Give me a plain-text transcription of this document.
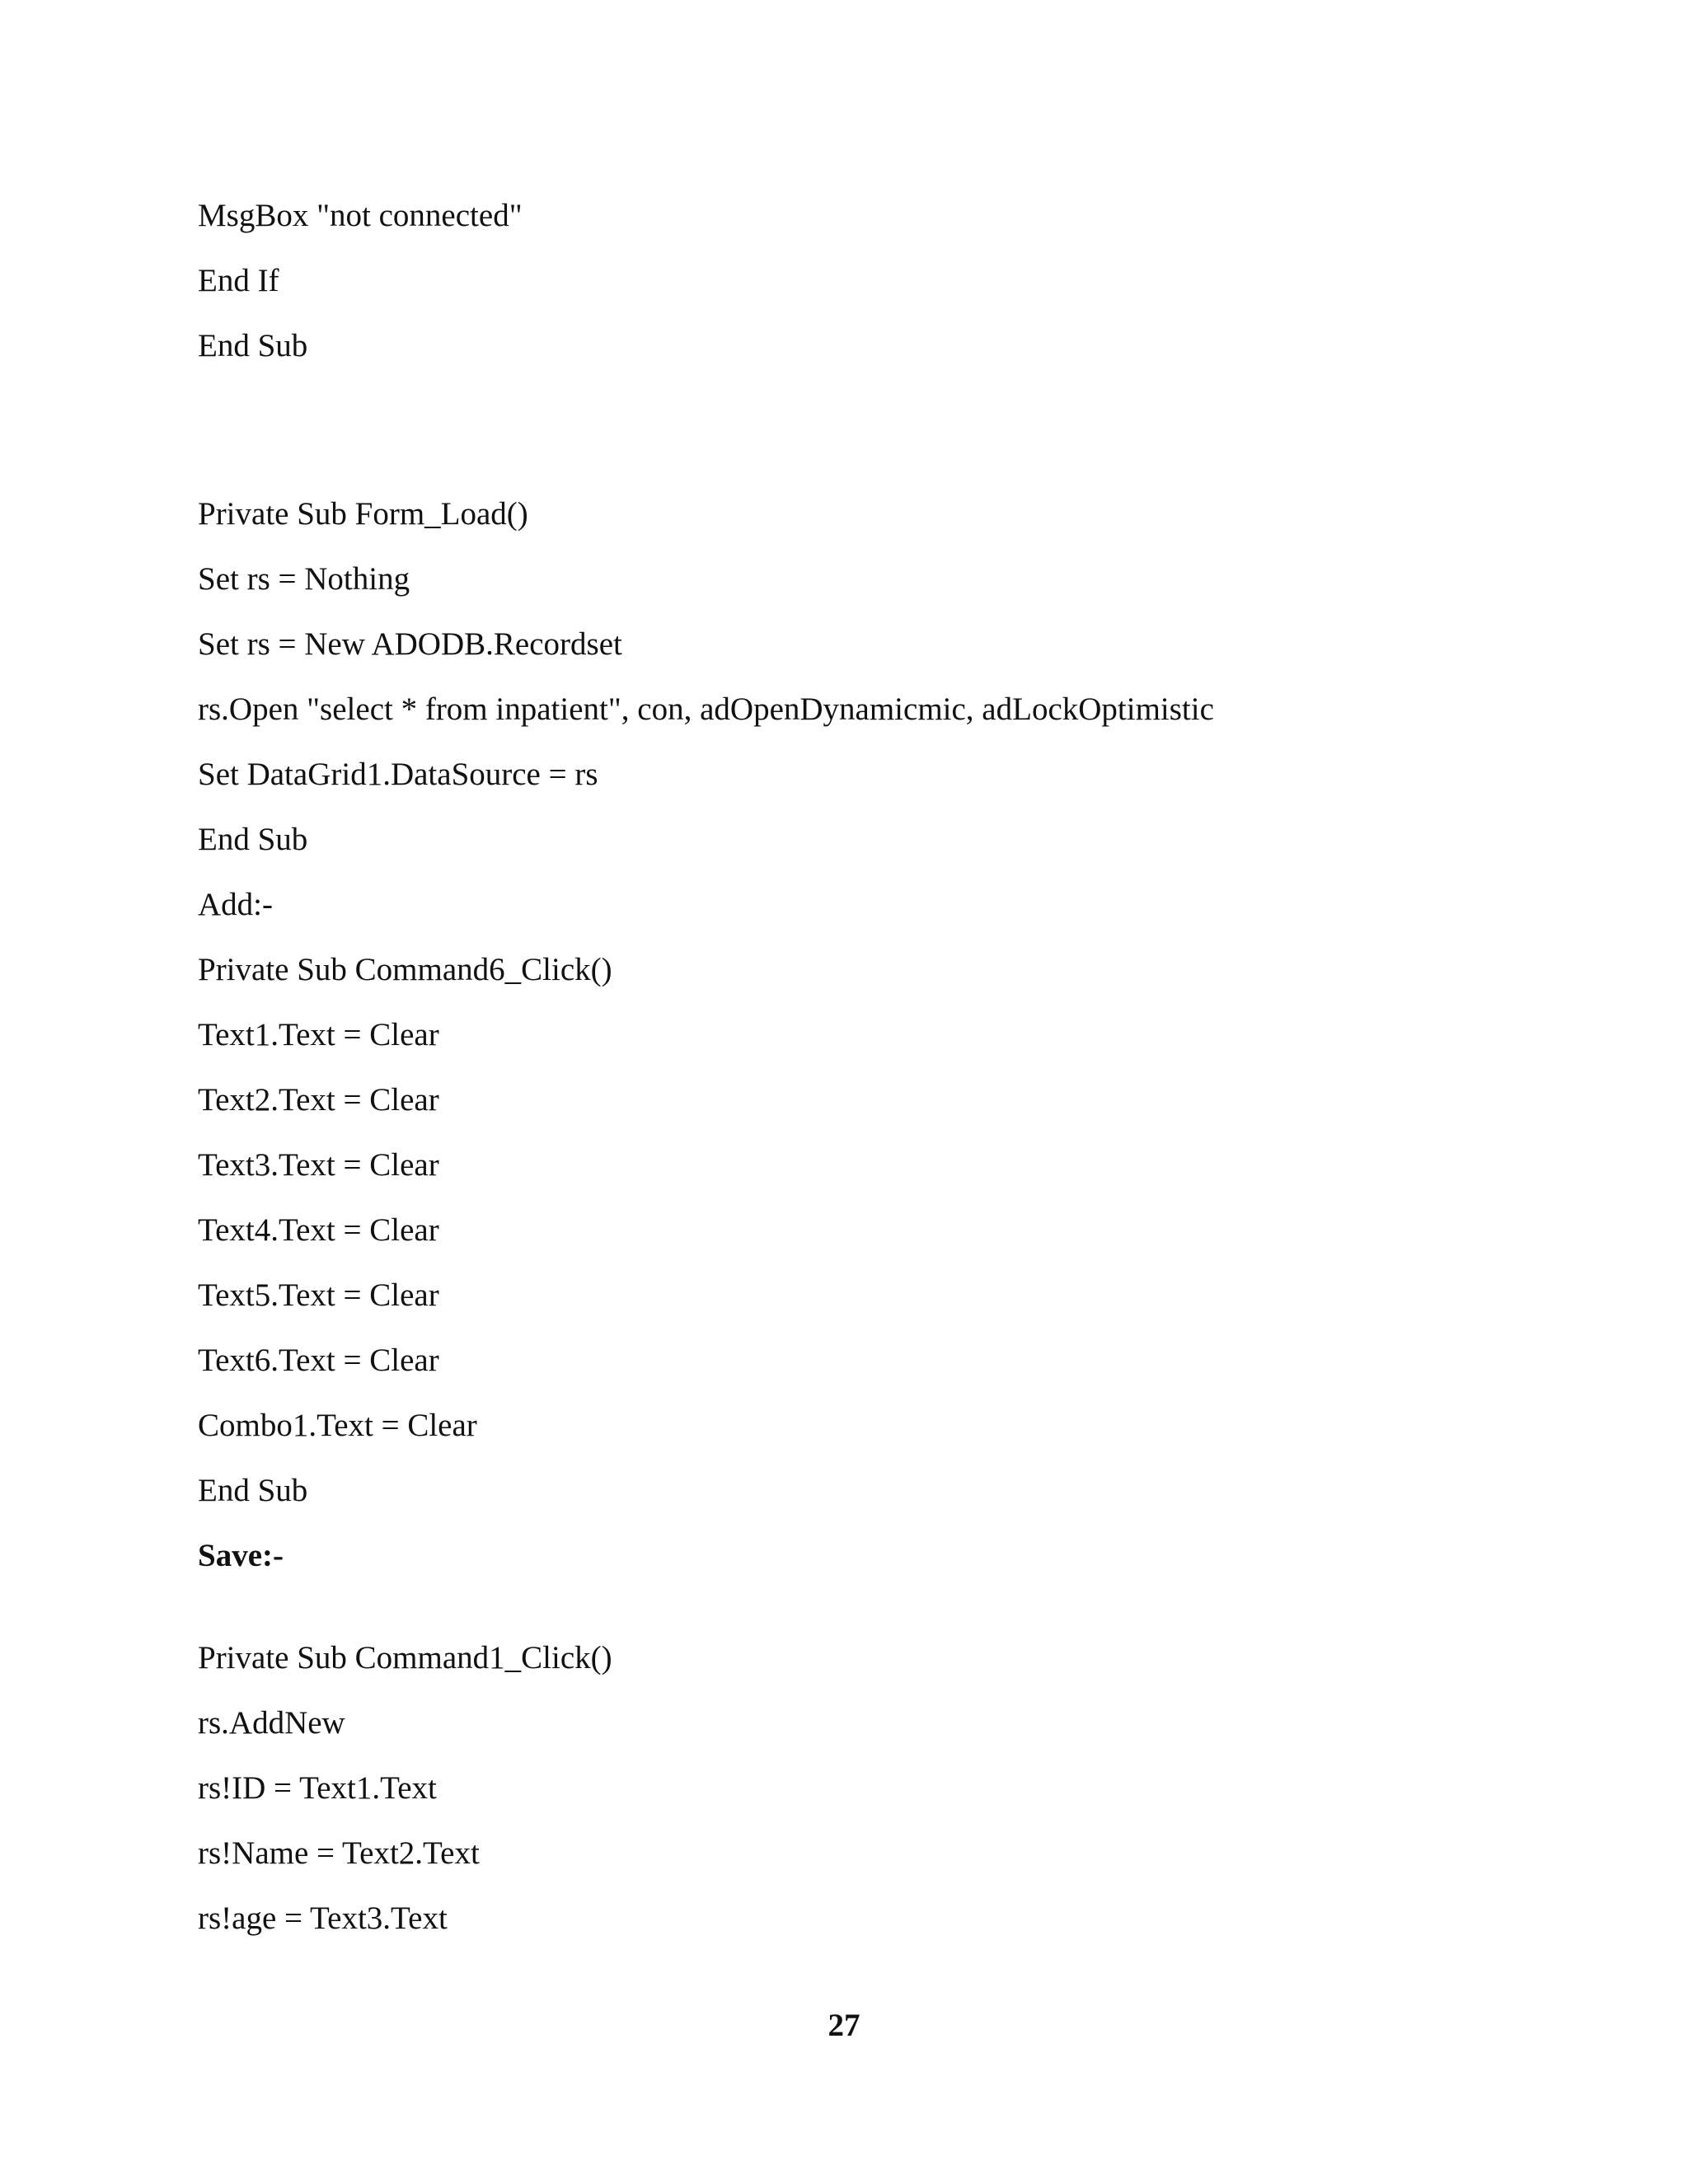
MsgBox "not connected"
End If
End Sub
Private Sub Form_Load()
Set rs = Nothing
Set rs = New ADODB.Recordset
rs.Open "select * from inpatient", con, adOpenDynamicmic, adLockOptimistic
Set DataGrid1.DataSource = rs
End Sub
Add:-
Private Sub Command6_Click()
Text1.Text = Clear
Text2.Text = Clear
Text3.Text = Clear
Text4.Text = Clear
Text5.Text = Clear
Text6.Text = Clear
Combo1.Text = Clear
End Sub
Save:-
Private Sub Command1_Click()
rs.AddNew
rs!ID = Text1.Text
rs!Name = Text2.Text
rs!age = Text3.Text
27
